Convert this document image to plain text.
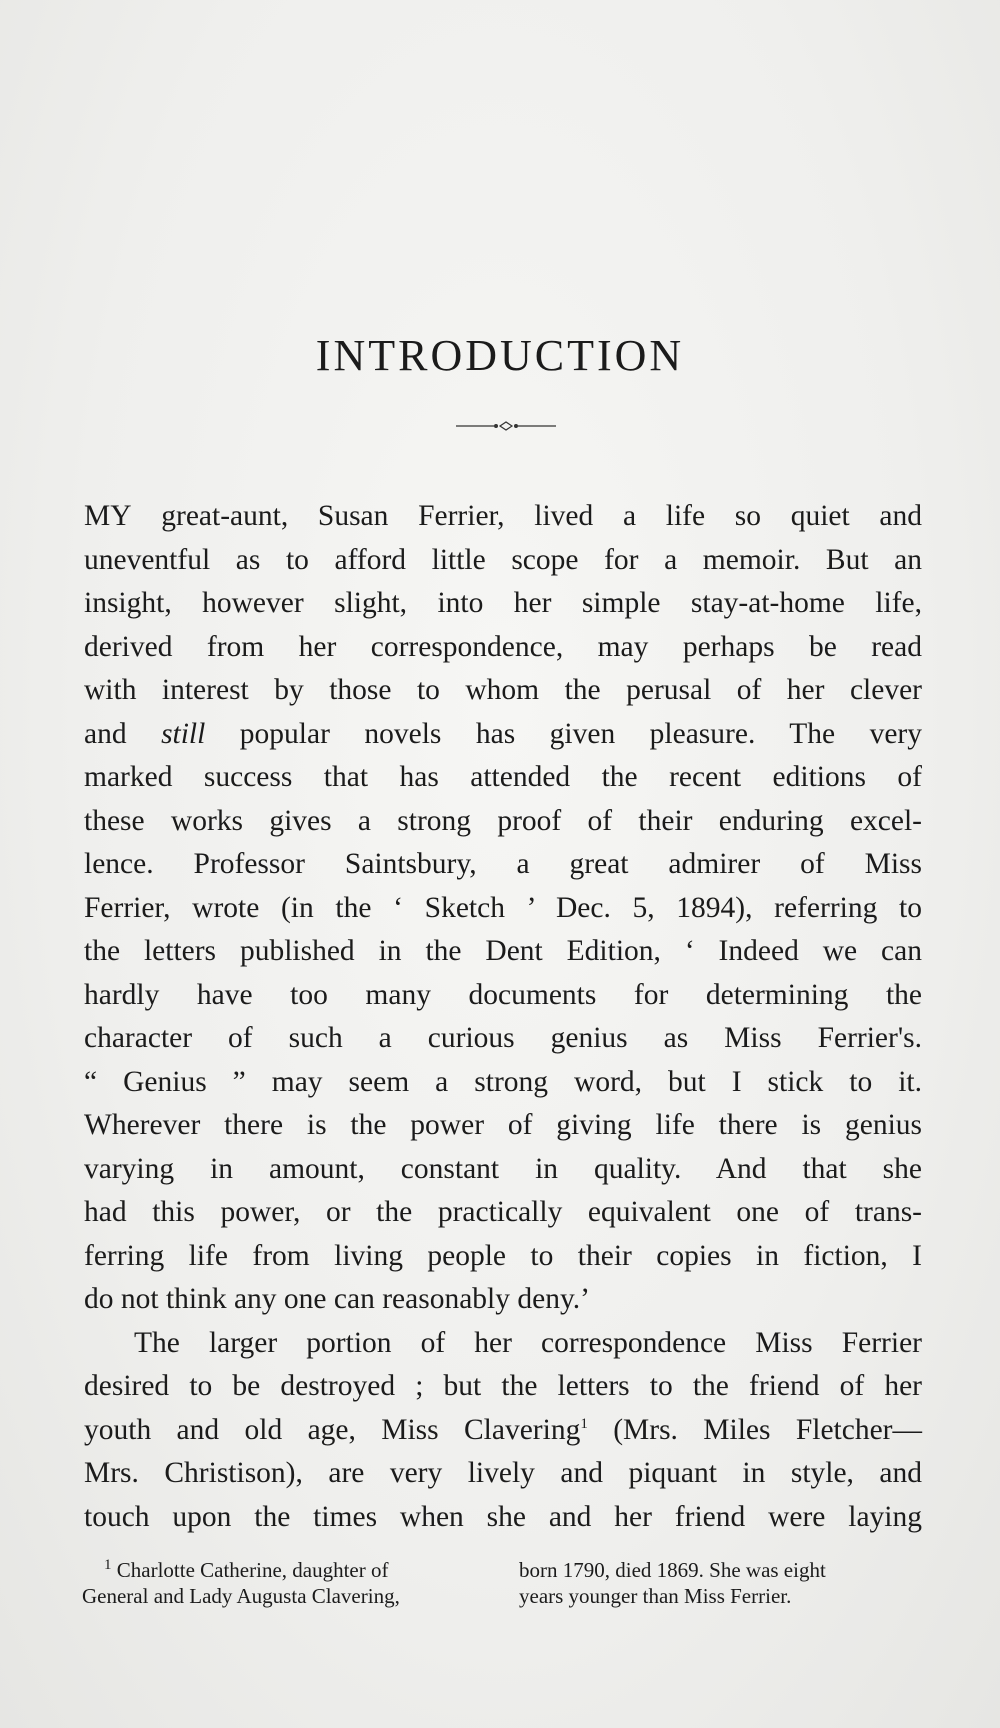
INTRODUCTION
MY great-aunt, Susan Ferrier, lived a life so quiet and
uneventful as to afford little scope for a memoir. But an
insight, however slight, into her simple stay-at-home life,
derived from her correspondence, may perhaps be read
with interest by those to whom the perusal of her clever
and still popular novels has given pleasure. The very
marked success that has attended the recent editions of
these works gives a strong proof of their enduring excel-
lence. Professor Saintsbury, a great admirer of Miss
Ferrier, wrote (in the ‘ Sketch ’ Dec. 5, 1894), referring to
the letters published in the Dent Edition, ‘ Indeed we can
hardly have too many documents for determining the
character of such a curious genius as Miss Ferrier's.
“ Genius ” may seem a strong word, but I stick to it.
Wherever there is the power of giving life there is genius
varying in amount, constant in quality. And that she
had this power, or the practically equivalent one of trans-
ferring life from living people to their copies in fiction, I
do not think any one can reasonably deny.’
The larger portion of her correspondence Miss Ferrier
desired to be destroyed ; but the letters to the friend of her
youth and old age, Miss Clavering$^1$ (Mrs. Miles Fletcher—
Mrs. Christison), are very lively and piquant in style, and
touch upon the times when she and her friend were laying
$^1$ Charlotte Catherine, daughter of
General and Lady Augusta Clavering,
born 1790, died 1869. She was eight
years younger than Miss Ferrier.
